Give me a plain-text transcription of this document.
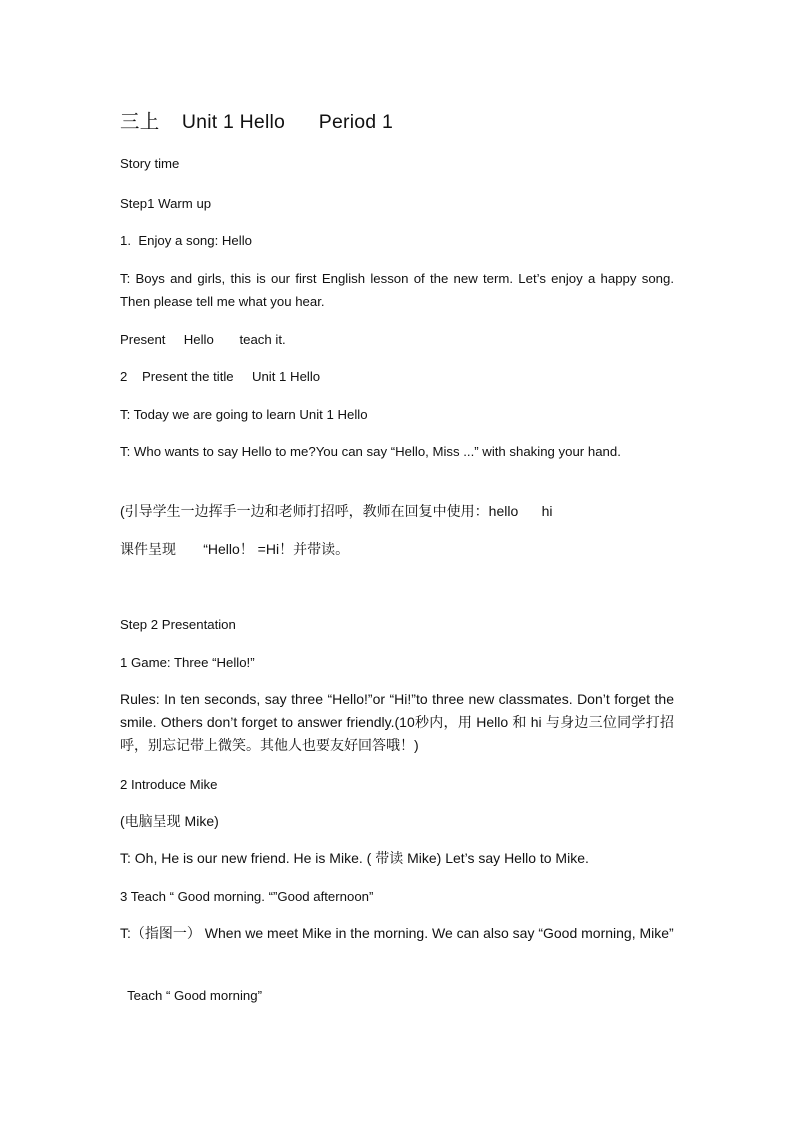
三上    Unit 1 Hello      Period 1
Story time
Step1 Warm up
1.  Enjoy a song: Hello
T: Boys and girls, this is our first English lesson of the new term. Let’s enjoy a happy song. Then please tell me what you hear.
Present     Hello       teach it.
2    Present the title     Unit 1 Hello
T: Today we are going to learn Unit 1 Hello
T: Who wants to say Hello to me?You can say “Hello, Miss ...” with shaking your hand.
(引导学生一边挥手一边和老师打招呼，教师在回复中使用：hello      hi
课件呈现       “Hello！ =Hi！并带读。
Step 2 Presentation
1 Game: Three “Hello!”
Rules: In ten seconds, say three “Hello!”or “Hi!”to three new classmates. Don’t forget the smile. Others don’t forget to answer friendly.(10秒内，用 Hello 和 hi 与身边三位同学打招呼，别忘记带上微笑。其他人也要友好回答哦！)
2 Introduce Mike
(电脑呈现 Mike)
T: Oh, He is our new friend. He is Mike. ( 带读 Mike) Let’s say Hello to Mike.
3 Teach “ Good morning. “”Good afternoon”
T:（指图一） When we meet Mike in the morning. We can also say “Good morning, Mike”
Teach “ Good morning”
